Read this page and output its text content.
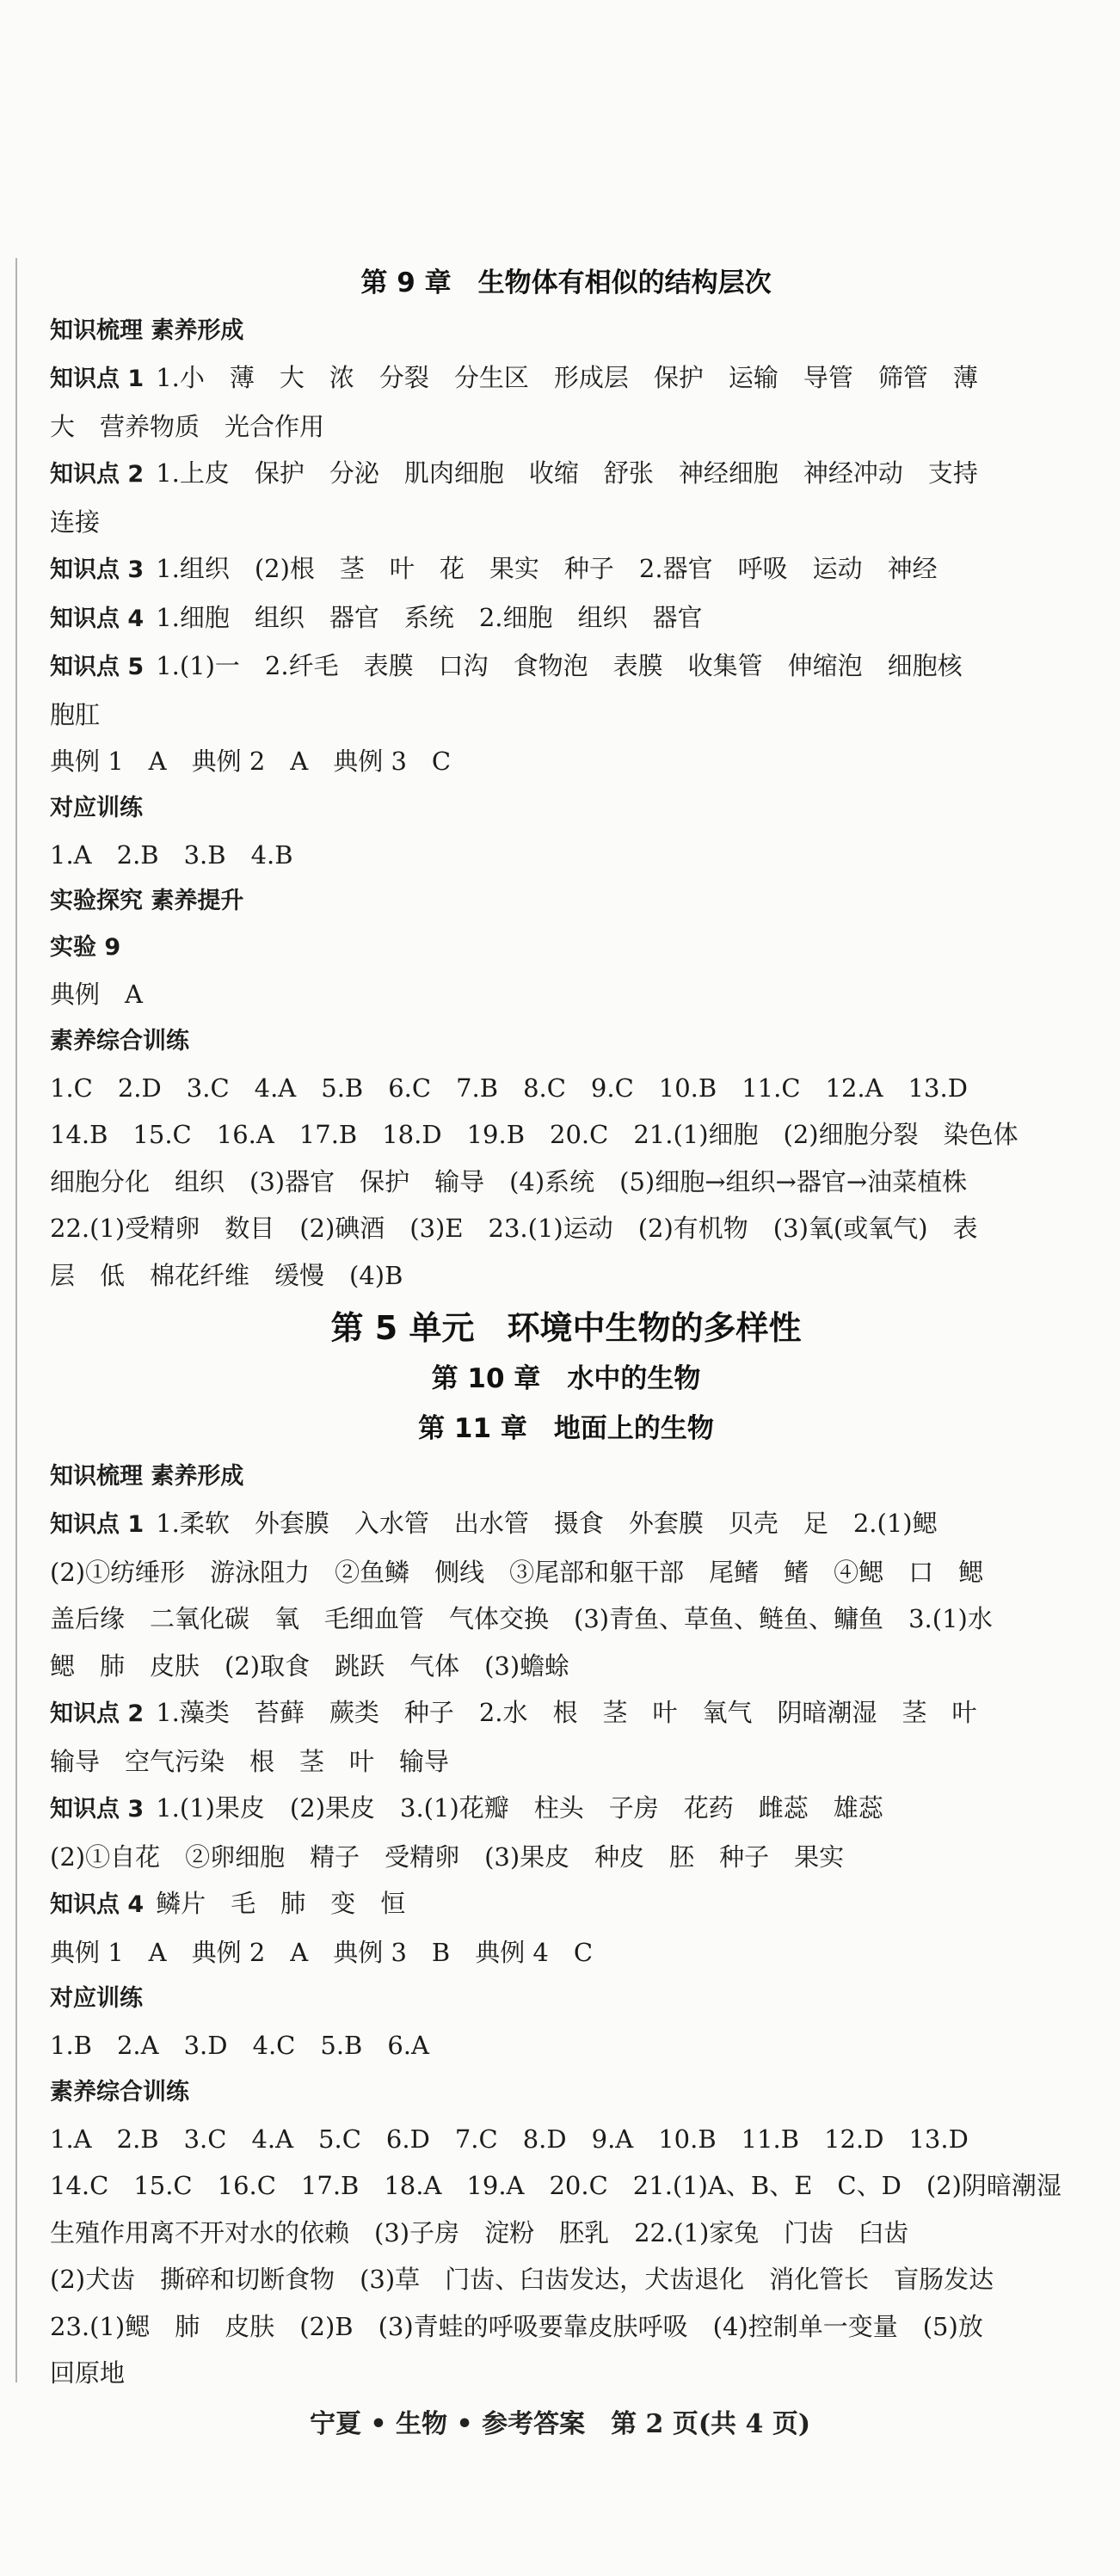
第 9 章　生物体有相似的结构层次

知识梳理 素养形成

知识点 1 1.小　薄　大　浓　分裂　分生区　形成层　保护　运输　导管　筛管　薄

大　营养物质　光合作用

知识点 2 1.上皮　保护　分泌　肌肉细胞　收缩　舒张　神经细胞　神经冲动　支持

连接

知识点 3 1.组织　(2)根　茎　叶　花　果实　种子　2.器官　呼吸　运动　神经

知识点 4 1.细胞　组织　器官　系统　2.细胞　组织　器官

知识点 5 1.(1)一　2.纤毛　表膜　口沟　食物泡　表膜　收集管　伸缩泡　细胞核

胞肛

典例 1　A　典例 2　A　典例 3　C

对应训练

1.A　2.B　3.B　4.B

实验探究 素养提升

实验 9

典例　A

素养综合训练

1.C　2.D　3.C　4.A　5.B　6.C　7.B　8.C　9.C　10.B　11.C　12.A　13.D

14.B　15.C　16.A　17.B　18.D　19.B　20.C　21.(1)细胞　(2)细胞分裂　染色体

细胞分化　组织　(3)器官　保护　输导　(4)系统　(5)细胞→组织→器官→油菜植株

22.(1)受精卵　数目　(2)碘酒　(3)E　23.(1)运动　(2)有机物　(3)氧(或氧气)　表

层　低　棉花纤维　缓慢　(4)B

第 5 单元　环境中生物的多样性

第 10 章　水中的生物

第 11 章　地面上的生物

知识梳理 素养形成

知识点 1 1.柔软　外套膜　入水管　出水管　摄食　外套膜　贝壳　足　2.(1)鳃

(2)①纺缍形　游泳阻力　②鱼鳞　侧线　③尾部和躯干部　尾鳍　鳍　④鳃　口　鳃

盖后缘　二氧化碳　氧　毛细血管　气体交换　(3)青鱼、草鱼、鲢鱼、鳙鱼　3.(1)水

鳃　肺　皮肤　(2)取食　跳跃　气体　(3)蟾蜍

知识点 2 1.藻类　苔藓　蕨类　种子　2.水　根　茎　叶　氧气　阴暗潮湿　茎　叶

输导　空气污染　根　茎　叶　输导

知识点 3 1.(1)果皮　(2)果皮　3.(1)花瓣　柱头　子房　花药　雌蕊　雄蕊

(2)①自花　②卵细胞　精子　受精卵　(3)果皮　种皮　胚　种子　果实

知识点 4 鳞片　毛　肺　变　恒

典例 1　A　典例 2　A　典例 3　B　典例 4　C

对应训练

1.B　2.A　3.D　4.C　5.B　6.A

素养综合训练

1.A　2.B　3.C　4.A　5.C　6.D　7.C　8.D　9.A　10.B　11.B　12.D　13.D

14.C　15.C　16.C　17.B　18.A　19.A　20.C　21.(1)A、B、E　C、D　(2)阴暗潮湿

生殖作用离不开对水的依赖　(3)子房　淀粉　胚乳　22.(1)家兔　门齿　臼齿

(2)犬齿　撕碎和切断食物　(3)草　门齿、臼齿发达，犬齿退化　消化管长　盲肠发达

23.(1)鳃　肺　皮肤　(2)B　(3)青蛙的呼吸要靠皮肤呼吸　(4)控制单一变量　(5)放

回原地

宁夏 • 生物 • 参考答案　第 2 页(共 4 页)
